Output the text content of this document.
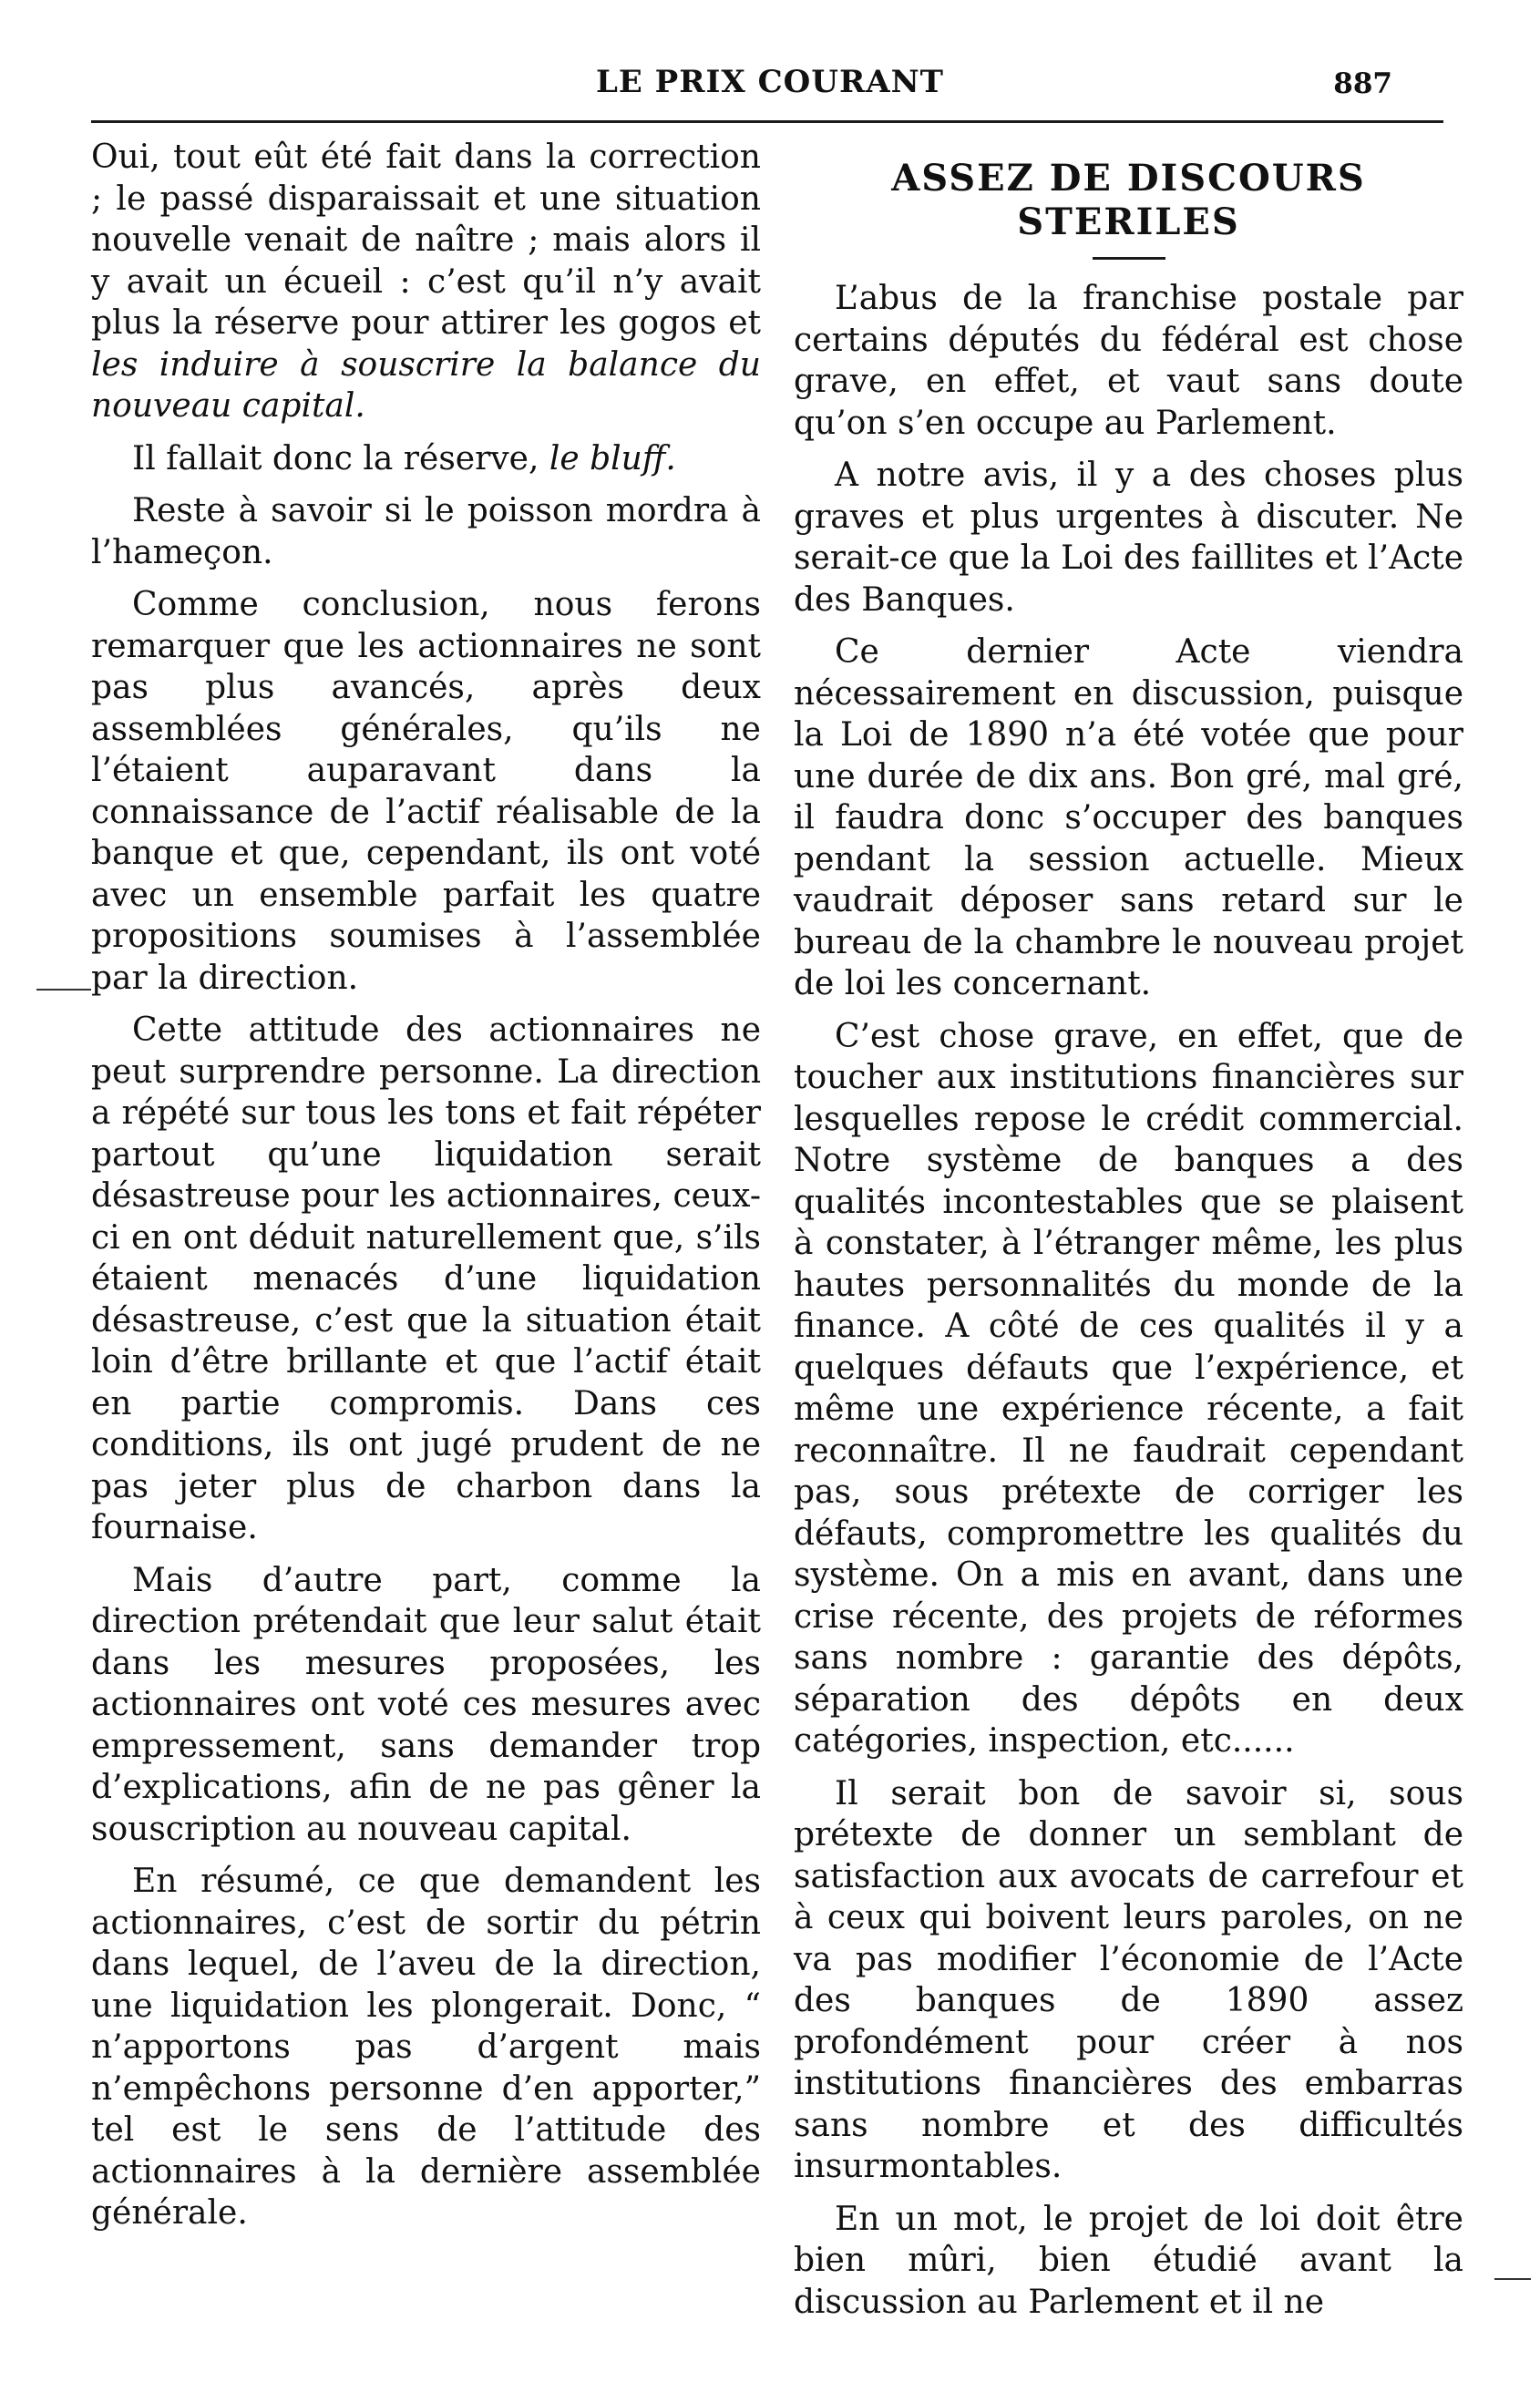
LE PRIX COURANT	887

Oui, tout eût été fait dans la correction ; le passé disparaissait et une situation nouvelle venait de naître ; mais alors il y avait un écueil : c’est qu’il n’y avait plus la réserve pour attirer les gogos et les induire à souscrire la balance du nouveau capital.

Il fallait donc la réserve, le bluff.

Reste à savoir si le poisson mordra à l’hameçon.

Comme conclusion, nous ferons remarquer que les actionnaires ne sont pas plus avancés, après deux assemblées générales, qu’ils ne l’étaient auparavant dans la connaissance de l’actif réalisable de la banque et que, cependant, ils ont voté avec un ensemble parfait les quatre propositions soumises à l’assemblée par la direction.

Cette attitude des actionnaires ne peut surprendre personne. La direction a répété sur tous les tons et fait répéter partout qu’une liquidation serait désastreuse pour les actionnaires, ceux-ci en ont déduit naturellement que, s’ils étaient menacés d’une liquidation désastreuse, c’est que la situation était loin d’être brillante et que l’actif était en partie compromis. Dans ces conditions, ils ont jugé prudent de ne pas jeter plus de charbon dans la fournaise.

Mais d’autre part, comme la direction prétendait que leur salut était dans les mesures proposées, les actionnaires ont voté ces mesures avec empressement, sans demander trop d’explications, afin de ne pas gêner la souscription au nouveau capital.

En résumé, ce que demandent les actionnaires, c’est de sortir du pétrin dans lequel, de l’aveu de la direction, une liquidation les plongerait. Donc, “ n’apportons pas d’argent mais n’empêchons personne d’en apporter,” tel est le sens de l’attitude des actionnaires à la dernière assemblée générale.

ASSEZ DE DISCOURS STERILES

L’abus de la franchise postale par certains députés du fédéral est chose grave, en effet, et vaut sans doute qu’on s’en occupe au Parlement.

A notre avis, il y a des choses plus graves et plus urgentes à discuter. Ne serait-ce que la Loi des faillites et l’Acte des Banques.

Ce dernier Acte viendra nécessairement en discussion, puisque la Loi de 1890 n’a été votée que pour une durée de dix ans. Bon gré, mal gré, il faudra donc s’occuper des banques pendant la session actuelle. Mieux vaudrait déposer sans retard sur le bureau de la chambre le nouveau projet de loi les concernant.

C’est chose grave, en effet, que de toucher aux institutions financières sur lesquelles repose le crédit commercial. Notre système de banques a des qualités incontestables que se plaisent à constater, à l’étranger même, les plus hautes personnalités du monde de la finance. A côté de ces qualités il y a quelques défauts que l’expérience, et même une expérience récente, a fait reconnaître. Il ne faudrait cependant pas, sous prétexte de corriger les défauts, compromettre les qualités du système. On a mis en avant, dans une crise récente, des projets de réformes sans nombre : garantie des dépôts, séparation des dépôts en deux catégories, inspection, etc......

Il serait bon de savoir si, sous prétexte de donner un semblant de satisfaction aux avocats de carrefour et à ceux qui boivent leurs paroles, on ne va pas modifier l’économie de l’Acte des banques de 1890 assez profondément pour créer à nos institutions financières des embarras sans nombre et des difficultés insurmontables.

En un mot, le projet de loi doit être bien mûri, bien étudié avant la discussion au Parlement et il ne
